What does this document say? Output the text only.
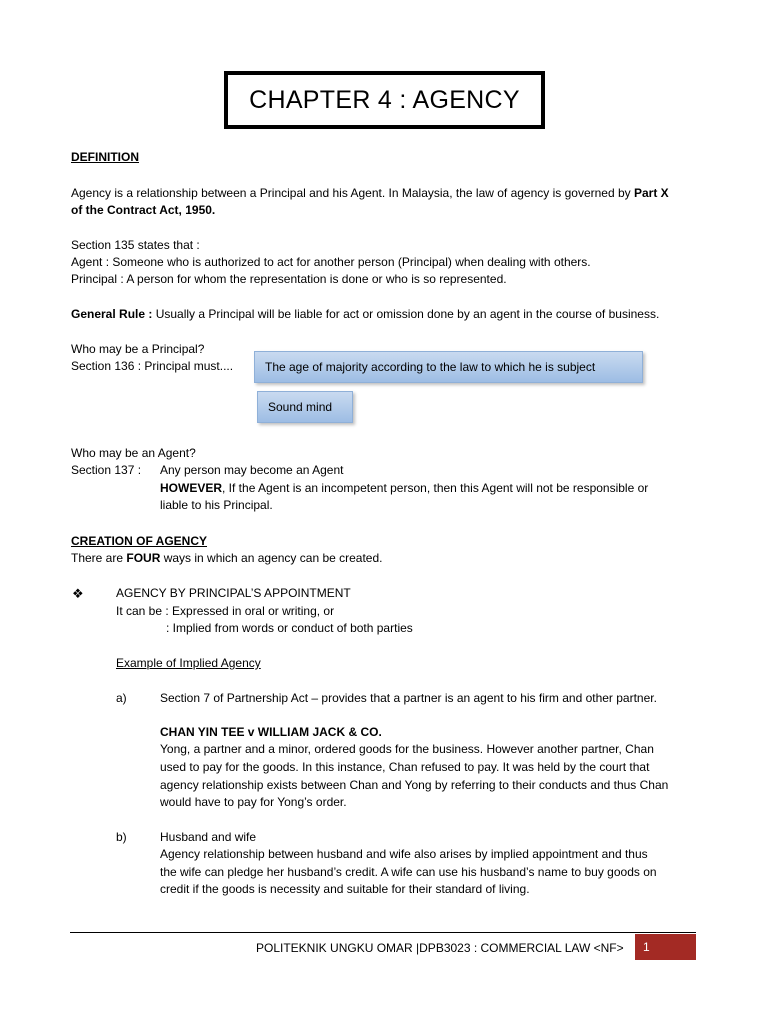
CHAPTER 4 : AGENCY
DEFINITION
Agency is a relationship between a Principal and his Agent. In Malaysia, the law of agency is governed by Part X
of the Contract Act, 1950.
Section 135 states that :
Agent : Someone who is authorized to act for another person (Principal) when dealing with others.
Principal : A person for whom the representation is done or who is so represented.
General Rule : Usually a Principal will be liable for act or omission done by an agent in the course of business.
Who may be a Principal?
Section 136 : Principal must....	The age of majority according to the law to which he is subject
Sound mind
Who may be an Agent?
Section 137 : Any person may become an Agent
HOWEVER, If the Agent is an incompetent person, then this Agent will not be responsible or
liable to his Principal.
CREATION OF AGENCY
There are FOUR ways in which an agency can be created.
❖	AGENCY BY PRINCIPAL’S APPOINTMENT
It can be : Expressed in oral or writing, or
: Implied from words or conduct of both parties
Example of Implied Agency
a)	Section 7 of Partnership Act – provides that a partner is an agent to his firm and other partner.
CHAN YIN TEE v WILLIAM JACK & CO.
Yong, a partner and a minor, ordered goods for the business. However another partner, Chan
used to pay for the goods. In this instance, Chan refused to pay. It was held by the court that
agency relationship exists between Chan and Yong by referring to their conducts and thus Chan
would have to pay for Yong’s order.
b)	Husband and wife
Agency relationship between husband and wife also arises by implied appointment and thus
the wife can pledge her husband’s credit. A wife can use his husband’s name to buy goods on
credit if the goods is necessity and suitable for their standard of living.
POLITEKNIK UNGKU OMAR |DPB3023 : COMMERCIAL LAW <NF>	1
